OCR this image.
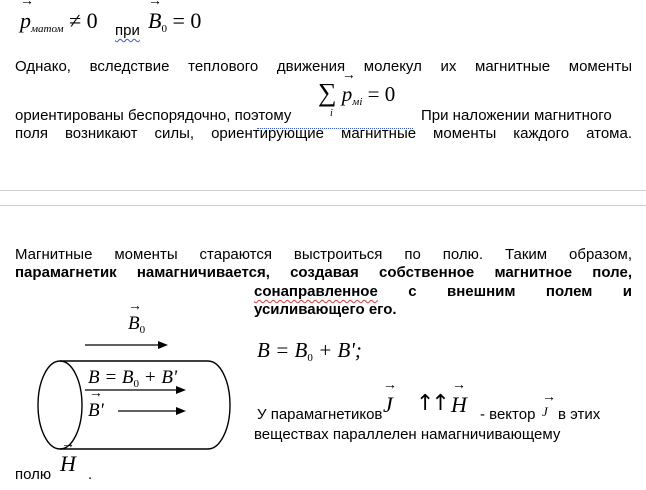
→ $p_{матом} \ne 0$ при → $B_0 = 0$
Однако, вследствие теплового движения молекул их магнитные моменты
ориентированы беспорядочно, поэтому
∑ → $p_{мi} = 0$
i	При наложении магнитного
поля возникают силы, ориентирующие магнитные моменты каждого атома.
Магнитные моменты стараются выстроиться по полю. Таким образом,
парамагнетик намагничивается, создавая собственное магнитное поле,
сонаправленное с внешним полем и
усиливающего его.
→ $B_0$
$B = B_0 + B'$
→ B'
$B = B_0 + B'$;
У парамагнетиков → J ↑↑ → H - вектор → J в этих
веществах параллелен намагничивающему
полю → H .
